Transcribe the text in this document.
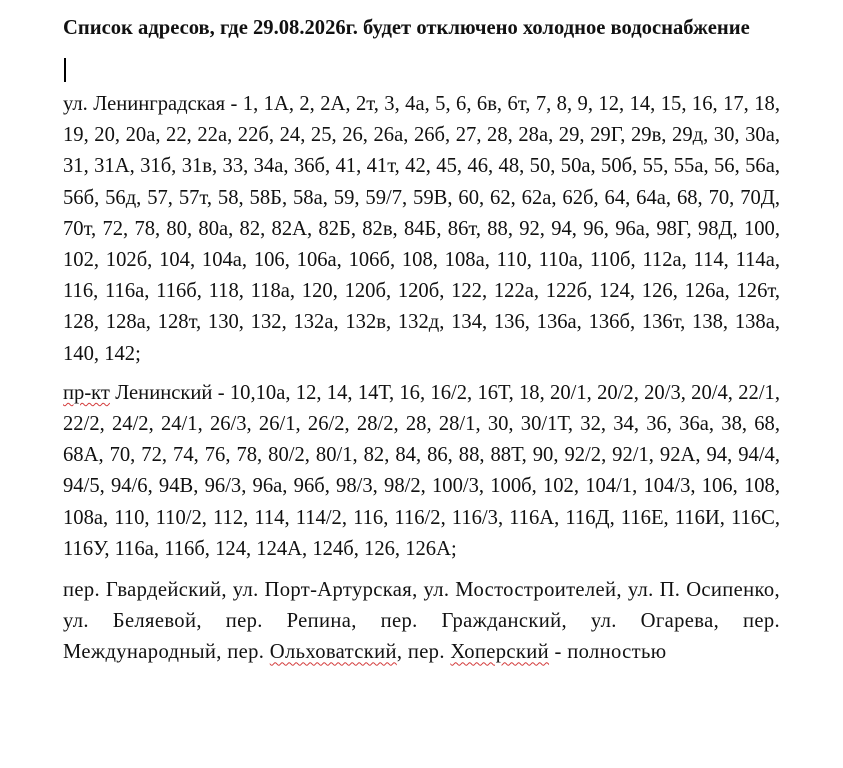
Список адресов, где 29.08.2026г. будет отключено холодное водоснабжение

ул. Ленинградская - 1, 1А, 2, 2А, 2т, 3, 4а, 5, 6, 6в, 6т, 7, 8, 9, 12, 14, 15, 16, 17, 18, 19, 20, 20а, 22, 22а, 22б, 24, 25, 26, 26а, 26б, 27, 28, 28а, 29, 29Г, 29в, 29д, 30, 30а, 31, 31А, 31б, 31в, 33, 34а, 36б, 41, 41т, 42, 45, 46, 48, 50, 50а, 50б, 55, 55а, 56, 56а, 56б, 56д, 57, 57т, 58, 58Б, 58а, 59, 59/7, 59В, 60, 62, 62а, 62б, 64, 64а, 68, 70, 70Д, 70т, 72, 78, 80, 80а, 82, 82А, 82Б, 82в, 84Б, 86т, 88, 92, 94, 96, 96а, 98Г, 98Д, 100, 102, 102б, 104, 104а, 106, 106а, 106б, 108, 108а, 110, 110а, 110б, 112а, 114, 114а, 116, 116а, 116б, 118, 118а, 120, 120б, 120б, 122, 122а, 122б, 124, 126, 126а, 126т, 128, 128а, 128т, 130, 132, 132а, 132в, 132д, 134, 136, 136а, 136б, 136т, 138, 138а, 140, 142;

пр-кт Ленинский - 10,10а, 12, 14, 14Т, 16, 16/2, 16Т, 18, 20/1, 20/2, 20/3, 20/4, 22/1, 22/2, 24/2, 24/1, 26/3, 26/1, 26/2, 28/2, 28, 28/1, 30, 30/1Т, 32, 34, 36, 36а, 38, 68, 68А, 70, 72, 74, 76, 78, 80/2, 80/1, 82, 84, 86, 88, 88Т, 90, 92/2, 92/1, 92А, 94, 94/4, 94/5, 94/6, 94В, 96/3, 96а, 96б, 98/3, 98/2, 100/3, 100б, 102, 104/1, 104/3, 106, 108, 108а, 110, 110/2, 112, 114, 114/2, 116, 116/2, 116/3, 116А, 116Д, 116Е, 116И, 116С, 116У, 116а, 116б, 124, 124А, 124б, 126, 126А;

пер. Гвардейский, ул. Порт-Артурская, ул. Мостостроителей, ул. П. Осипенко, ул. Беляевой, пер. Репина, пер. Гражданский, ул. Огарева, пер. Международный, пер. Ольховатский, пер. Хоперский - полностью
